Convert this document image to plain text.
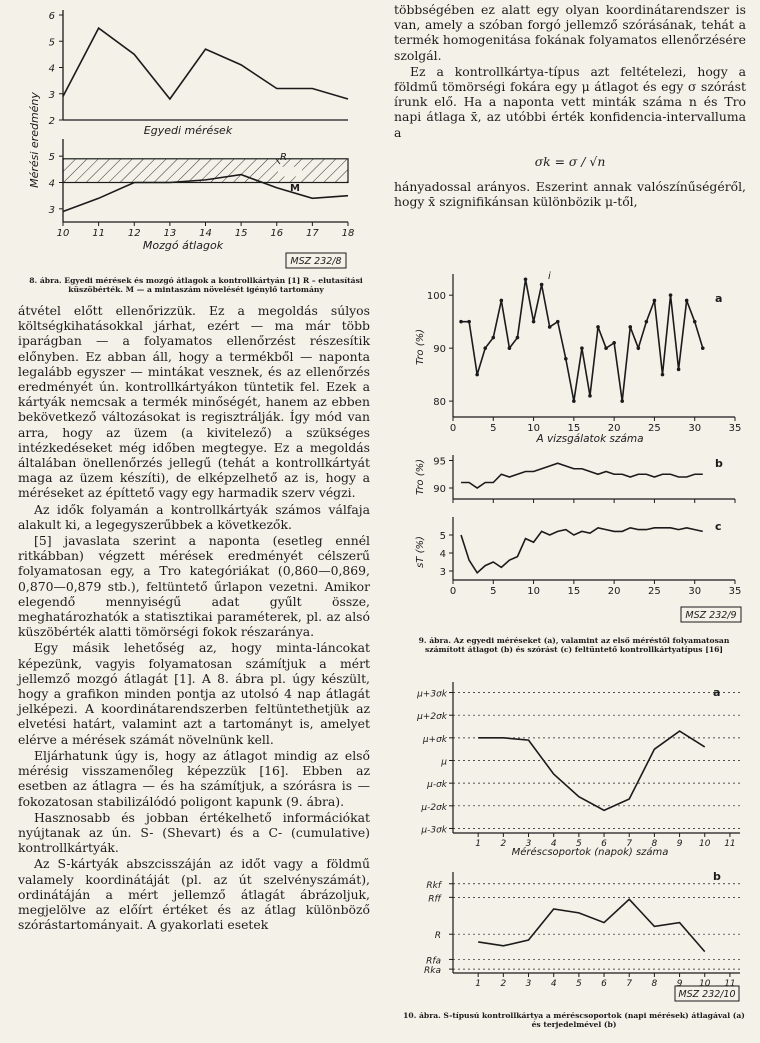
6
5
4
3
2
5
4
3
10 11 12 13 14 15 16 17 18
Mérési eredmény	Egyedi mérések
Mozgó átlagok
R
M
MSZ 232/8
8. ábra. Egyedi mérések és mozgó átlagok a kontrollkártyán [1] R – elutasítási küszöbérték. M — a mintaszám növelését igénylő tartomány

átvétel előtt ellenőrizzük. Ez a megoldás súlyos költségkihatásokkal járhat, ezért — ma már több iparágban — a folyamatos ellenőrzést részesítik előnyben. Ez abban áll, hogy a termékből — naponta legalább egyszer — mintákat vesznek, és az ellenőrzés eredményét ún. kontrollkártyákon tüntetik fel. Ezek a kártyák nemcsak a termék minőségét, hanem az ebben bekövetkező változásokat is regisztrálják. Így mód van arra, hogy az üzem (a kivitelező) a szükséges intézkedéseket még időben megtegye. Ez a megoldás általában önellenőrzés jellegű (tehát a kontrollkártyát maga az üzem készíti), de elképzelhető az is, hogy a méréseket az építtető vagy egy harmadik szerv végzi.

Az idők folyamán a kontrollkártyák számos válfaja alakult ki, a legegyszerűbbek a következők.

[5] javaslata szerint a naponta (esetleg ennél ritkábban) végzett mérések eredményét célszerű folyamatosan egy, a Tro kategóriákat (0,860—0,869, 0,870—0,879 stb.), feltüntető űrlapon vezetni. Amikor elegendő mennyiségű adat gyűlt össze, meghatározhatók a statisztikai paraméterek, pl. az alsó küszöbérték alatti tömörségi fokok részaránya.

Egy másik lehetőség az, hogy minta-láncokat képezünk, vagyis folyamatosan számítjuk a mért jellemző mozgó átlagát [1]. A 8. ábra pl. úgy készült, hogy a grafikon minden pontja az utolsó 4 nap átlagát jelképezi. A koordinátarendszerben feltüntethetjük az elvetési határt, valamint azt a tartományt is, amelyet elérve a mérések számát növelnünk kell.

Eljárhatunk úgy is, hogy az átlagot mindig az első mérésig visszamenőleg képezzük [16]. Ebben az esetben az átlagra — és ha számítjuk, a szórásra is — fokozatosan stabilizálódó poligont kapunk (9. ábra).

Hasznosabb és jobban értékelhető információkat nyújtanak az ún. S- (Shevart) és a C- (cumulative) kontrollkártyák.

Az S-kártyák abszcisszáján az időt vagy a földmű valamely koordinátáját (pl. az út szelvényszámát), ordinátáján a mért jellemző átlagát ábrázoljuk, megjelölve az előírt értéket és az átlag különböző szórástartományait. A gyakorlati esetek

többségében ez alatt egy olyan koordinátarendszer is van, amely a szóban forgó jellemző szórásának, tehát a termék homogenitása fokának folyamatos ellenőrzésére szolgál.

Ez a kontrollkártya-típus azt feltételezi, hogy a földmű tömörségi fokára egy μ átlagot és egy σ szórást írunk elő. Ha a naponta vett minták száma n és Tro napi átlaga x̄, az utóbbi érték konfidencia-intervalluma a

σk = σ / √n

hányadossal arányos. Eszerint annak valószínűségéről, hogy x̄ szignifikánsan különbözik μ-től,

100
90
80
0	5	10	15	20	25	30	35
95
90
5
4
3
0	5	10	15	20	25	30	35
Tro (%)
Tro (%)
sT (%)
A vizsgálatok száma
a
b
c
i
MSZ 232/9
9. ábra. Az egyedi méréseket (a), valamint az első méréstől folyamatosan számított átlagot (b) és szórást (c) feltüntető kontrollkártyatípus [16]
μ+3σk
μ+2σk
μ+σk
μ
μ-σk
μ-2σk
μ-3σk
1 2 3 4 5 6 7 8 9 10 11
Rkf
Rff
R
Rfa
Rka
1 2 3 4 5 6 7 8 9 10 11
Méréscsoportok (napok) száma
a
b
MSZ 232/10
10. ábra. S-típusú kontrollkártya a méréscsoportok (napi mérések) átlagával (a) és terjedelmével (b)
